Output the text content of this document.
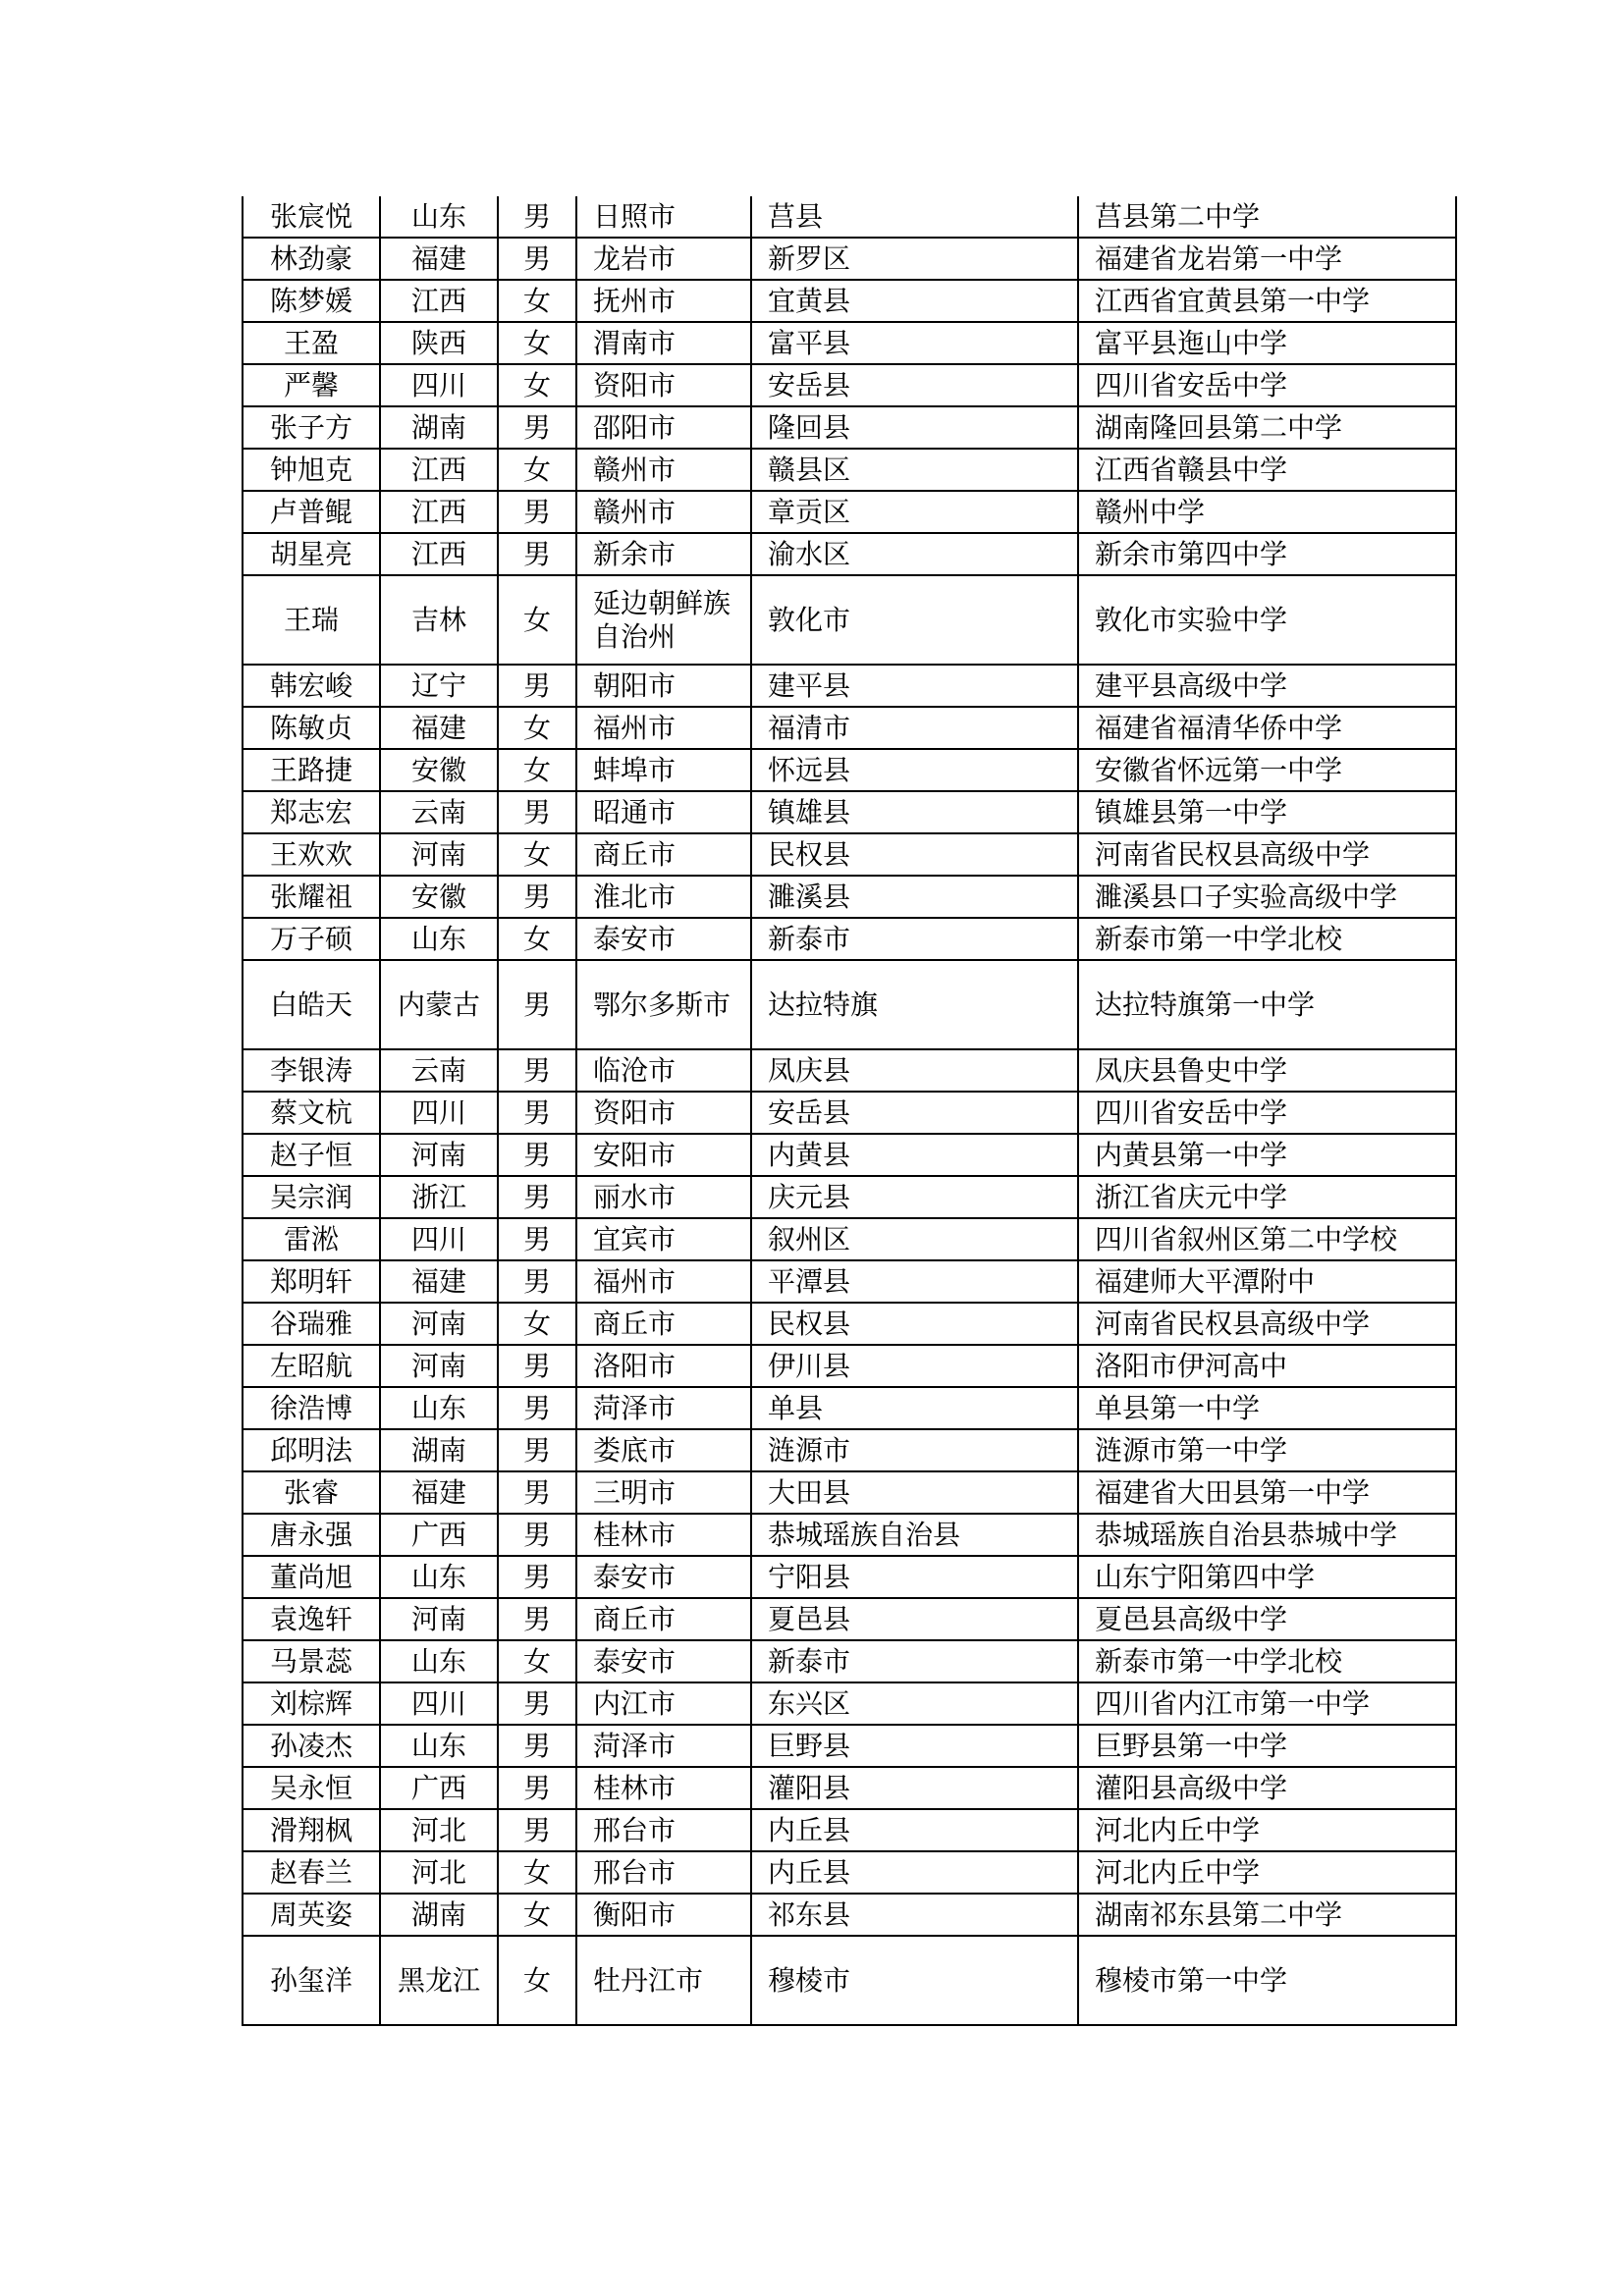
张宸悦	山东	男	日照市	莒县	莒县第二中学
林劲豪	福建	男	龙岩市	新罗区	福建省龙岩第一中学
陈梦媛	江西	女	抚州市	宜黄县	江西省宜黄县第一中学
王盈	陕西	女	渭南市	富平县	富平县迤山中学
严馨	四川	女	资阳市	安岳县	四川省安岳中学
张子方	湖南	男	邵阳市	隆回县	湖南隆回县第二中学
钟旭克	江西	女	赣州市	赣县区	江西省赣县中学
卢普鲲	江西	男	赣州市	章贡区	赣州中学
胡星亮	江西	男	新余市	渝水区	新余市第四中学
王瑞	吉林	女	延边朝鲜族自治州	敦化市	敦化市实验中学
韩宏峻	辽宁	男	朝阳市	建平县	建平县高级中学
陈敏贞	福建	女	福州市	福清市	福建省福清华侨中学
王路捷	安徽	女	蚌埠市	怀远县	安徽省怀远第一中学
郑志宏	云南	男	昭通市	镇雄县	镇雄县第一中学
王欢欢	河南	女	商丘市	民权县	河南省民权县高级中学
张耀祖	安徽	男	淮北市	濉溪县	濉溪县口子实验高级中学
万子硕	山东	女	泰安市	新泰市	新泰市第一中学北校
白皓天	内蒙古	男	鄂尔多斯市	达拉特旗	达拉特旗第一中学
李银涛	云南	男	临沧市	凤庆县	凤庆县鲁史中学
蔡文杭	四川	男	资阳市	安岳县	四川省安岳中学
赵子恒	河南	男	安阳市	内黄县	内黄县第一中学
吴宗润	浙江	男	丽水市	庆元县	浙江省庆元中学
雷淞	四川	男	宜宾市	叙州区	四川省叙州区第二中学校
郑明轩	福建	男	福州市	平潭县	福建师大平潭附中
谷瑞雅	河南	女	商丘市	民权县	河南省民权县高级中学
左昭航	河南	男	洛阳市	伊川县	洛阳市伊河高中
徐浩博	山东	男	菏泽市	单县	单县第一中学
邱明法	湖南	男	娄底市	涟源市	涟源市第一中学
张睿	福建	男	三明市	大田县	福建省大田县第一中学
唐永强	广西	男	桂林市	恭城瑶族自治县	恭城瑶族自治县恭城中学
董尚旭	山东	男	泰安市	宁阳县	山东宁阳第四中学
袁逸轩	河南	男	商丘市	夏邑县	夏邑县高级中学
马景蕊	山东	女	泰安市	新泰市	新泰市第一中学北校
刘棕辉	四川	男	内江市	东兴区	四川省内江市第一中学
孙凌杰	山东	男	菏泽市	巨野县	巨野县第一中学
吴永恒	广西	男	桂林市	灌阳县	灌阳县高级中学
滑翔枫	河北	男	邢台市	内丘县	河北内丘中学
赵春兰	河北	女	邢台市	内丘县	河北内丘中学
周英姿	湖南	女	衡阳市	祁东县	湖南祁东县第二中学
孙玺洋	黑龙江	女	牡丹江市	穆棱市	穆棱市第一中学
